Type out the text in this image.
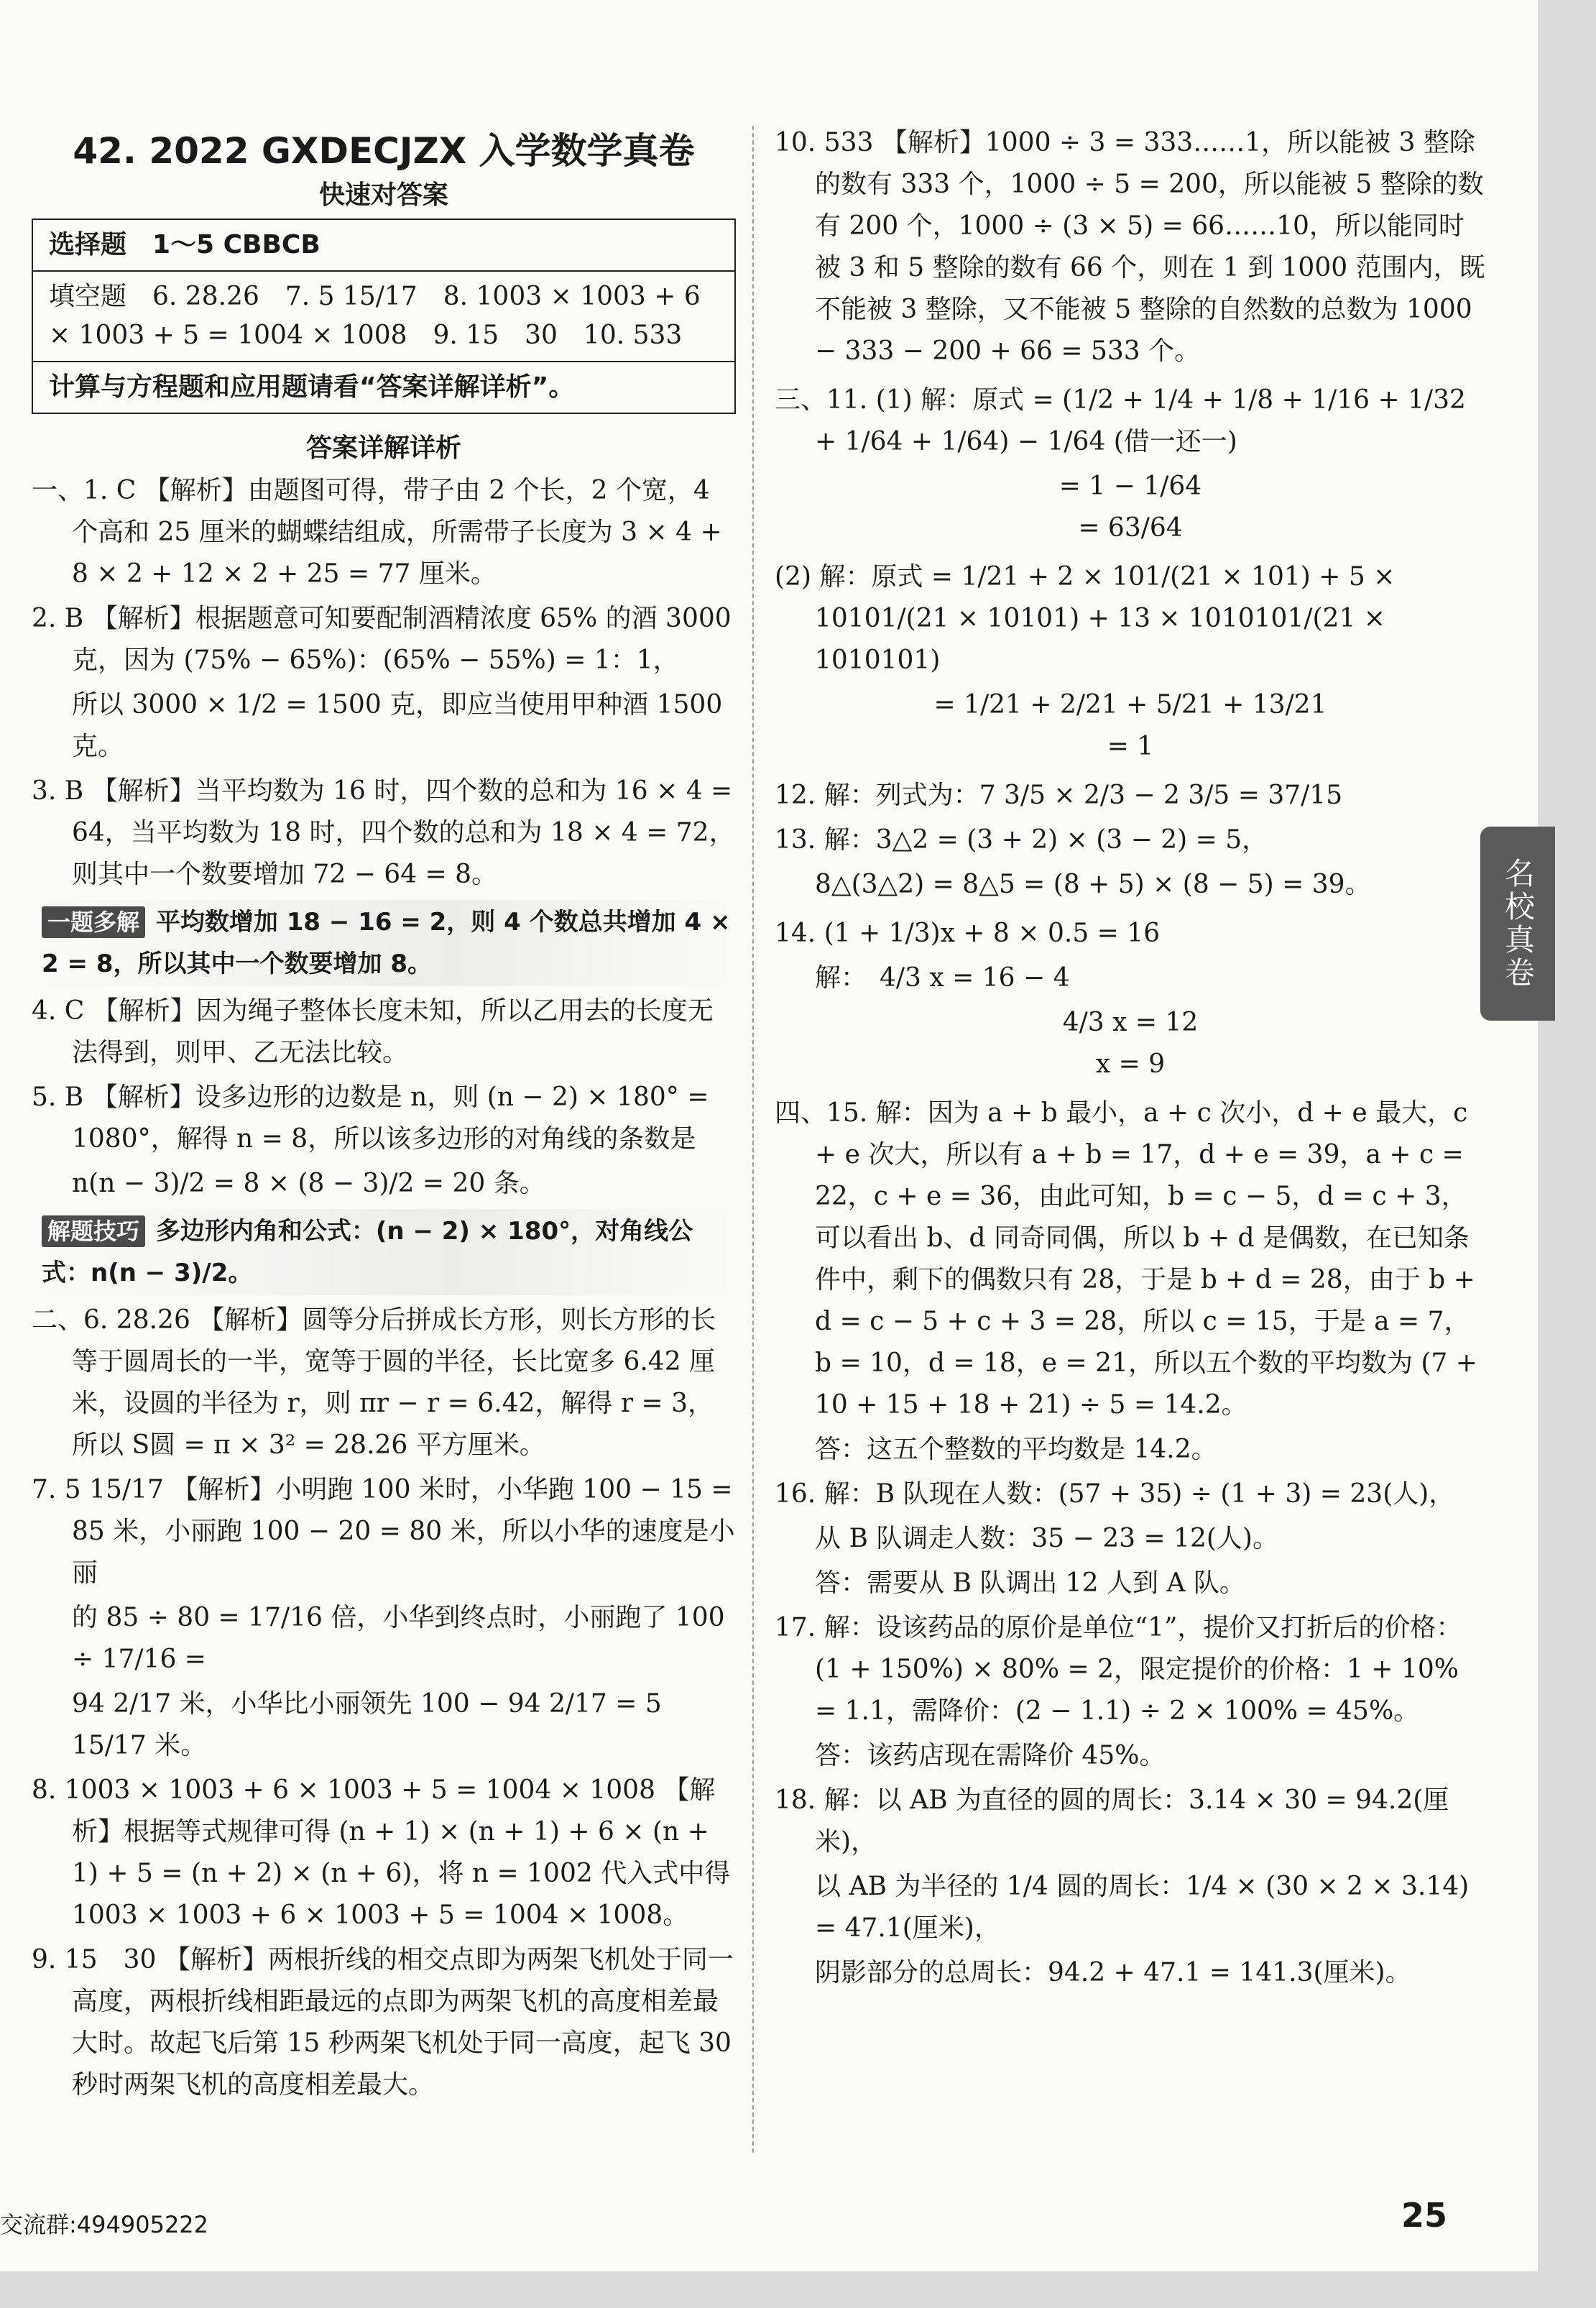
42. 2022 GXDECJZX 入学数学真卷
快速对答案
选择题　1～5 CBBCB
填空题　6. 28.26　7. 5 15/17　8. 1003 × 1003 + 6 × 1003 + 5 = 1004 × 1008　9. 15　30　10. 533
计算与方程题和应用题请看“答案详解详析”。
答案详解详析
一、1. C 【解析】由题图可得，带子由 2 个长，2 个宽，4 个高和 25 厘米的蝴蝶结组成，所需带子长度为 3 × 4 + 8 × 2 + 12 × 2 + 25 = 77 厘米。
2. B 【解析】根据题意可知要配制酒精浓度 65% 的酒 3000 克，因为 (75% − 65%)：(65% − 55%) = 1：1，
所以 3000 × 1/2 = 1500 克，即应当使用甲种酒 1500 克。
3. B 【解析】当平均数为 16 时，四个数的总和为 16 × 4 = 64，当平均数为 18 时，四个数的总和为 18 × 4 = 72，则其中一个数要增加 72 − 64 = 8。
一题多解 平均数增加 18 − 16 = 2，则 4 个数总共增加 4 × 2 = 8，所以其中一个数要增加 8。
4. C 【解析】因为绳子整体长度未知，所以乙用去的长度无法得到，则甲、乙无法比较。
5. B 【解析】设多边形的边数是 n，则 (n − 2) × 180° = 1080°，解得 n = 8，所以该多边形的对角线的条数是
n(n − 3)/2 = 8 × (8 − 3)/2 = 20 条。
解题技巧 多边形内角和公式：(n − 2) × 180°，对角线公式：n(n − 3)/2。
二、6. 28.26 【解析】圆等分后拼成长方形，则长方形的长等于圆周长的一半，宽等于圆的半径，长比宽多 6.42 厘米，设圆的半径为 r，则 πr − r = 6.42，解得 r = 3，所以 S圆 = π × 3² = 28.26 平方厘米。
7. 5 15/17 【解析】小明跑 100 米时，小华跑 100 − 15 = 85 米，小丽跑 100 − 20 = 80 米，所以小华的速度是小丽
的 85 ÷ 80 = 17/16 倍，小华到终点时，小丽跑了 100 ÷ 17/16 =
94 2/17 米，小华比小丽领先 100 − 94 2/17 = 5 15/17 米。
8. 1003 × 1003 + 6 × 1003 + 5 = 1004 × 1008 【解析】根据等式规律可得 (n + 1) × (n + 1) + 6 × (n + 1) + 5 = (n + 2) × (n + 6)，将 n = 1002 代入式中得 1003 × 1003 + 6 × 1003 + 5 = 1004 × 1008。
9. 15　30 【解析】两根折线的相交点即为两架飞机处于同一高度，两根折线相距最远的点即为两架飞机的高度相差最大时。故起飞后第 15 秒两架飞机处于同一高度，起飞 30 秒时两架飞机的高度相差最大。
10. 533 【解析】1000 ÷ 3 = 333……1，所以能被 3 整除的数有 333 个，1000 ÷ 5 = 200，所以能被 5 整除的数有 200 个，1000 ÷ (3 × 5) = 66……10，所以能同时被 3 和 5 整除的数有 66 个，则在 1 到 1000 范围内，既不能被 3 整除，又不能被 5 整除的自然数的总数为 1000 − 333 − 200 + 66 = 533 个。
三、11. (1) 解：原式 = (1/2 + 1/4 + 1/8 + 1/16 + 1/32 + 1/64 + 1/64) − 1/64 (借一还一)
= 1 − 1/64
= 63/64
(2) 解：原式 = 1/21 + 2 × 101/(21 × 101) + 5 × 10101/(21 × 10101) + 13 × 1010101/(21 × 1010101)
= 1/21 + 2/21 + 5/21 + 13/21
= 1
12. 解：列式为：7 3/5 × 2/3 − 2 3/5 = 37/15
13. 解：3△2 = (3 + 2) × (3 − 2) = 5，
8△(3△2) = 8△5 = (8 + 5) × (8 − 5) = 39。
14. (1 + 1/3)x + 8 × 0.5 = 16
解：　4/3 x = 16 − 4
4/3 x = 12
x = 9
四、15. 解：因为 a + b 最小，a + c 次小，d + e 最大，c + e 次大，所以有 a + b = 17，d + e = 39，a + c = 22，c + e = 36，由此可知，b = c − 5，d = c + 3，可以看出 b、d 同奇同偶，所以 b + d 是偶数，在已知条件中，剩下的偶数只有 28，于是 b + d = 28，由于 b + d = c − 5 + c + 3 = 28，所以 c = 15，于是 a = 7，b = 10，d = 18，e = 21，所以五个数的平均数为 (7 + 10 + 15 + 18 + 21) ÷ 5 = 14.2。
答：这五个整数的平均数是 14.2。
16. 解：B 队现在人数：(57 + 35) ÷ (1 + 3) = 23(人)，
从 B 队调走人数：35 − 23 = 12(人)。
答：需要从 B 队调出 12 人到 A 队。
17. 解：设该药品的原价是单位“1”，提价又打折后的价格：(1 + 150%) × 80% = 2，限定提价的价格：1 + 10% = 1.1，需降价：(2 − 1.1) ÷ 2 × 100% = 45%。
答：该药店现在需降价 45%。
18. 解：以 AB 为直径的圆的周长：3.14 × 30 = 94.2(厘米)，
以 AB 为半径的 1/4 圆的周长：1/4 × (30 × 2 × 3.14) = 47.1(厘米)，
阴影部分的总周长：94.2 + 47.1 = 141.3(厘米)。
名校真卷
25
交流群:494905222
